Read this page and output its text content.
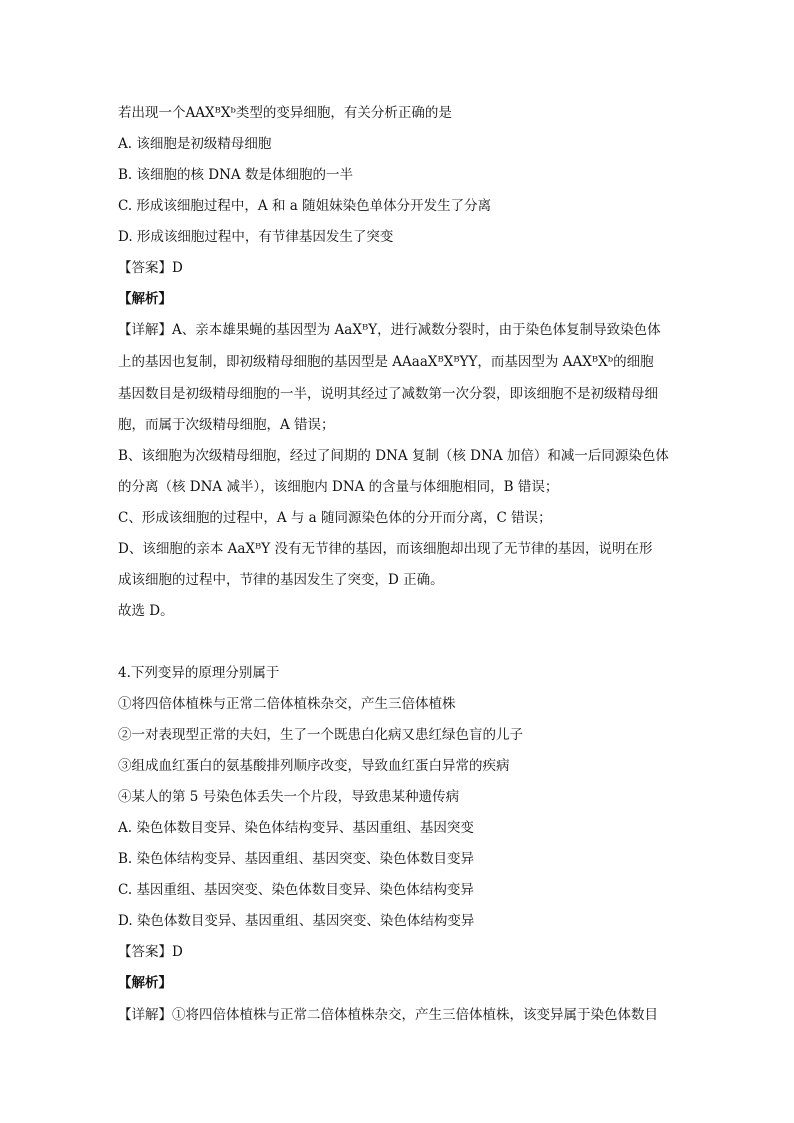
若出现一个AAXᴮXᵇ类型的变异细胞，有关分析正确的是
A. 该细胞是初级精母细胞
B. 该细胞的核 DNA 数是体细胞的一半
C. 形成该细胞过程中，A 和 a 随姐妹染色单体分开发生了分离
D. 形成该细胞过程中，有节律基因发生了突变
【答案】D
【解析】
【详解】A、亲本雄果蝇的基因型为 AaXᴮY，进行减数分裂时，由于染色体复制导致染色体
上的基因也复制，即初级精母细胞的基因型是 AAaaXᴮXᴮYY，而基因型为 AAXᴮXᵇ的细胞
基因数目是初级精母细胞的一半，说明其经过了减数第一次分裂，即该细胞不是初级精母细
胞，而属于次级精母细胞，A 错误；
B、该细胞为次级精母细胞，经过了间期的 DNA 复制（核 DNA 加倍）和减一后同源染色体
的分离（核 DNA 减半），该细胞内 DNA 的含量与体细胞相同，B 错误；
C、形成该细胞的过程中，A 与 a 随同源染色体的分开而分离，C 错误；
D、该细胞的亲本 AaXᴮY 没有无节律的基因，而该细胞却出现了无节律的基因，说明在形
成该细胞的过程中，节律的基因发生了突变，D 正确。
故选 D。
4.下列变异的原理分别属于
①将四倍体植株与正常二倍体植株杂交，产生三倍体植株
②一对表现型正常的夫妇，生了一个既患白化病又患红绿色盲的儿子
③组成血红蛋白的氨基酸排列顺序改变，导致血红蛋白异常的疾病
④某人的第 5 号染色体丢失一个片段，导致患某种遗传病
A. 染色体数目变异、染色体结构变异、基因重组、基因突变
B. 染色体结构变异、基因重组、基因突变、染色体数目变异
C. 基因重组、基因突变、染色体数目变异、染色体结构变异
D. 染色体数目变异、基因重组、基因突变、染色体结构变异
【答案】D
【解析】
【详解】①将四倍体植株与正常二倍体植株杂交，产生三倍体植株，该变异属于染色体数目
